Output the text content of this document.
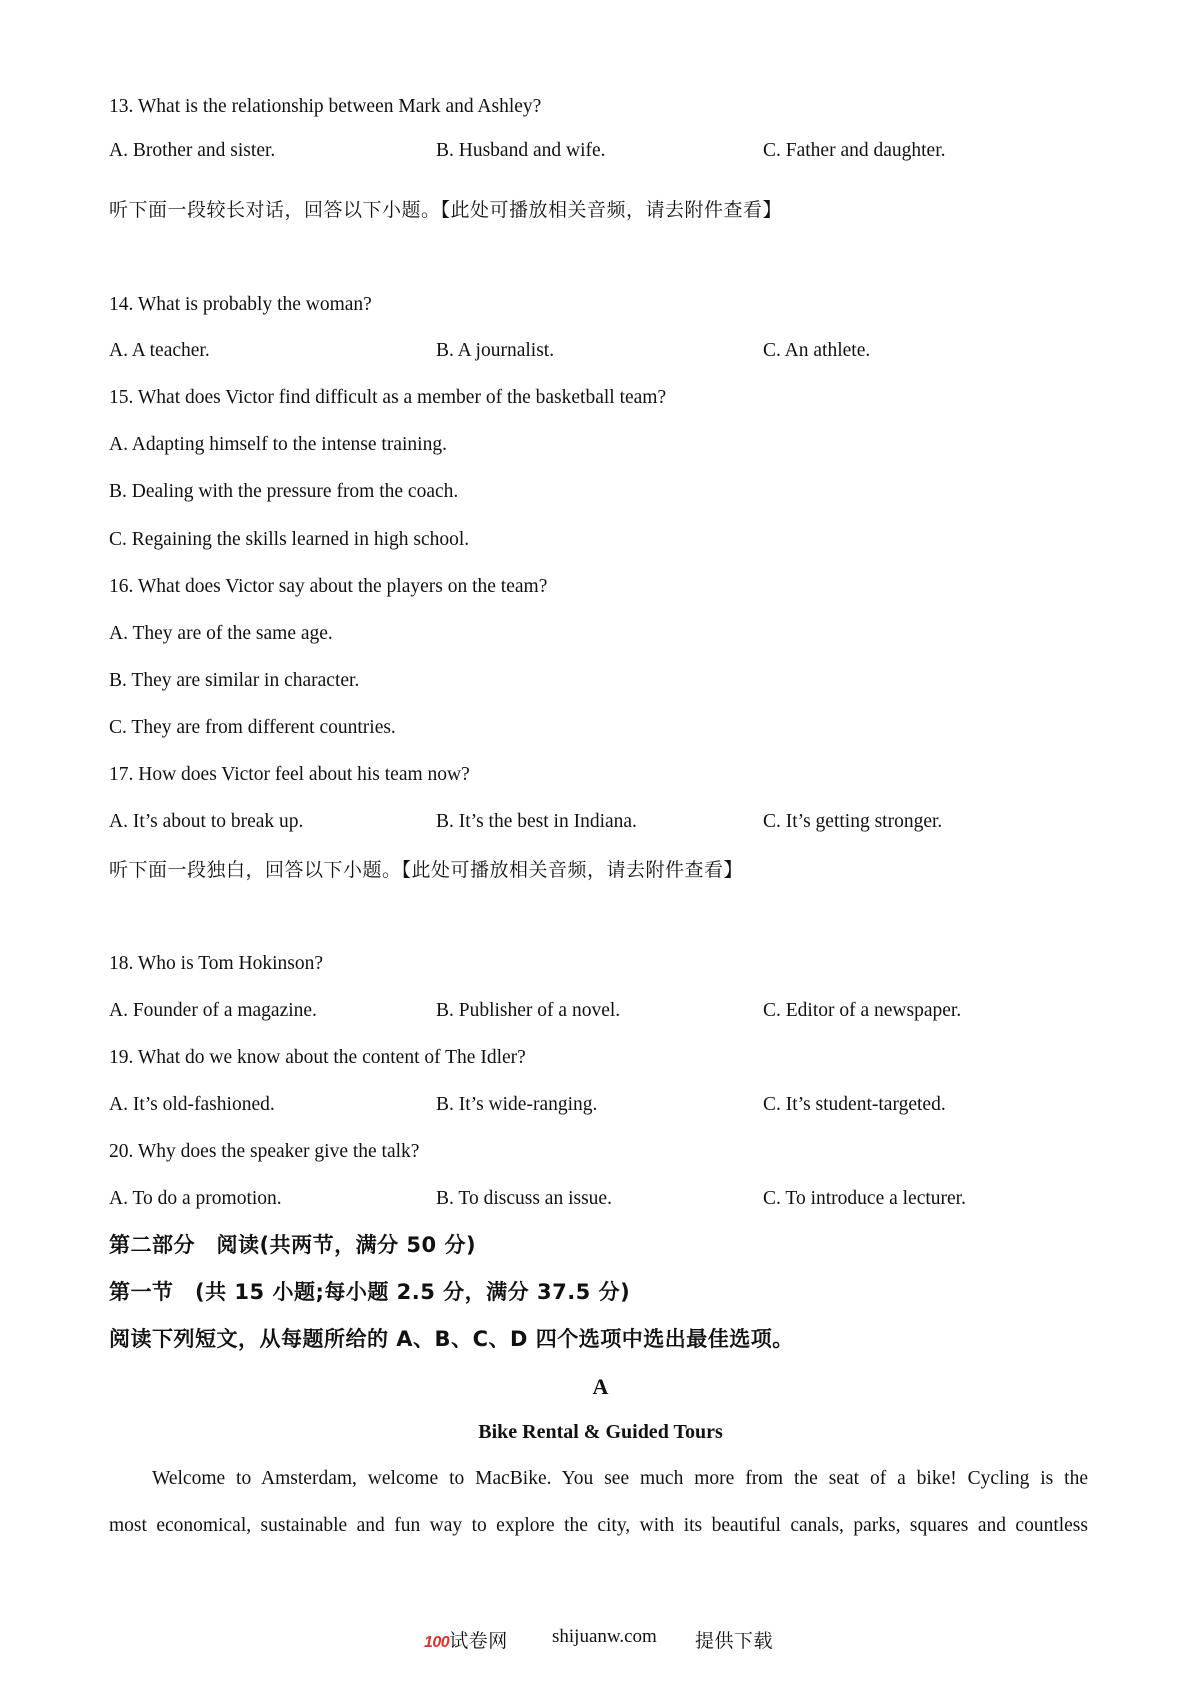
13. What is the relationship between Mark and Ashley?
A. Brother and sister.	B. Husband and wife.	C. Father and daughter.
听下面一段较长对话，回答以下小题。【此处可播放相关音频，请去附件查看】
14. What is probably the woman?
A. A teacher.	B. A journalist.	C. An athlete.
15. What does Victor find difficult as a member of the basketball team?
A. Adapting himself to the intense training.
B. Dealing with the pressure from the coach.
C. Regaining the skills learned in high school.
16. What does Victor say about the players on the team?
A. They are of the same age.
B. They are similar in character.
C. They are from different countries.
17. How does Victor feel about his team now?
A. It’s about to break up.	B. It’s the best in Indiana.	C. It’s getting stronger.
听下面一段独白，回答以下小题。【此处可播放相关音频，请去附件查看】
18. Who is Tom Hokinson?
A. Founder of a magazine.	B. Publisher of a novel.	C. Editor of a newspaper.
19. What do we know about the content of The Idler?
A. It’s old-fashioned.	B. It’s wide-ranging.	C. It’s student-targeted.
20. Why does the speaker give the talk?
A. To do a promotion.	B. To discuss an issue.	C. To introduce a lecturer.
第二部分　阅读(共两节，满分 50 分)
第一节　(共 15 小题;每小题 2.5 分，满分 37.5 分)
阅读下列短文，从每题所给的 A、B、C、D 四个选项中选出最佳选项。
A
Bike Rental & Guided Tours
Welcome to Amsterdam, welcome to MacBike. You see much more from the seat of a bike! Cycling is the
most economical, sustainable and fun way to explore the city, with its beautiful canals, parks, squares and countless
100试卷网 shijuanw.com 提供下载
